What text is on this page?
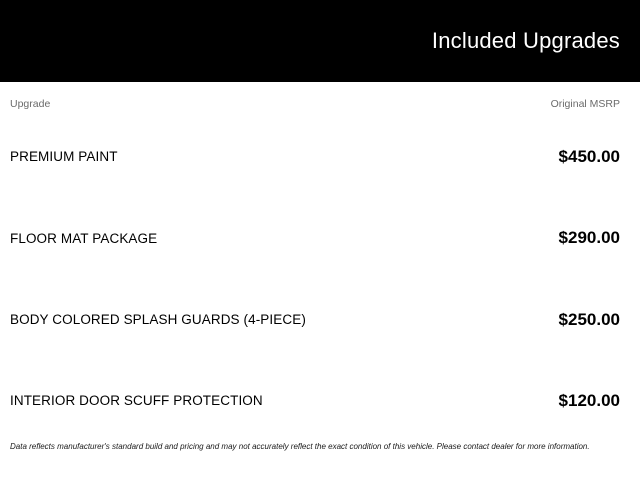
Included Upgrades
Upgrade	Original MSRP
PREMIUM PAINT	$450.00
FLOOR MAT PACKAGE	$290.00
BODY COLORED SPLASH GUARDS (4-PIECE)	$250.00
INTERIOR DOOR SCUFF PROTECTION	$120.00
Data reflects manufacturer's standard build and pricing and may not accurately reflect the exact condition of this vehicle. Please contact dealer for more information.
